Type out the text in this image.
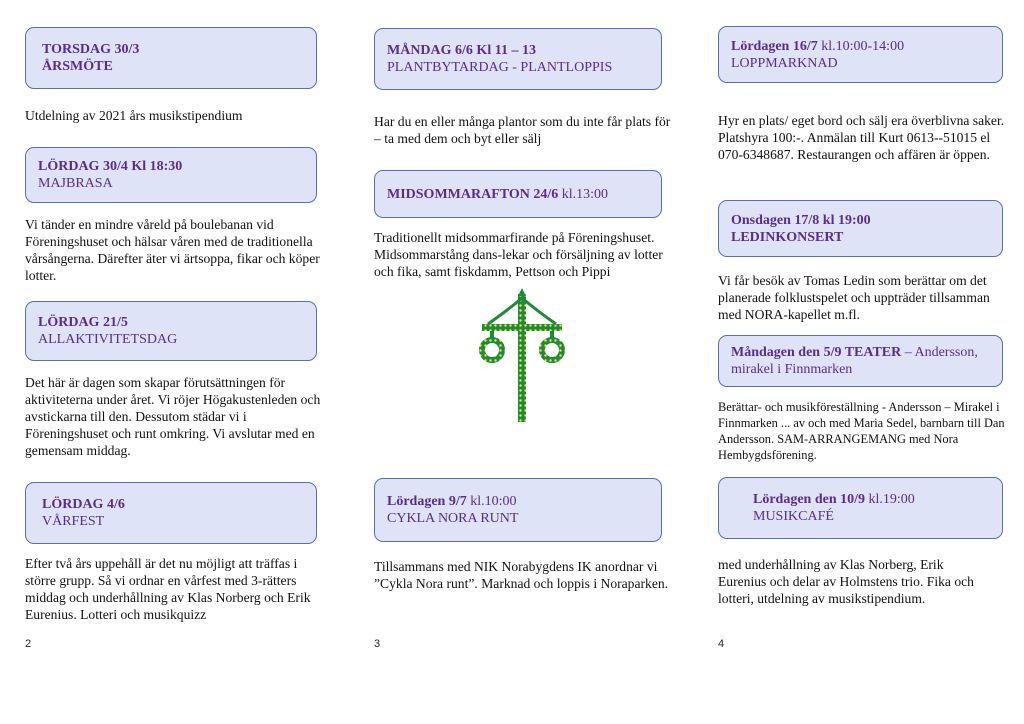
TORSDAG 30/3
ÅRSMÖTE
Utdelning av 2021 års musikstipendium
LÖRDAG 30/4 Kl 18:30
MAJBRASA
Vi tänder en mindre våreld på boulebanan vid Föreningshuset och hälsar våren med de traditionella vårsångerna. Därefter äter vi ärtsoppa, fikar och köper lotter.
LÖRDAG 21/5
ALLAKTIVITETSDAG
Det här är dagen som skapar förutsättningen för aktiviteterna under året. Vi röjer Högakustenleden och avstickarna till den. Dessutom städar vi i Föreningshuset och runt omkring. Vi avslutar med en gemensam middag.
LÖRDAG 4/6
VÅRFEST
Efter två års uppehåll är det nu möjligt att träffas i större grupp. Så vi ordnar en vårfest med 3-rätters middag och underhållning av Klas Norberg och Erik Eurenius. Lotteri och musikquizz
2
MÅNDAG 6/6 Kl 11 – 13
PLANTBYTARDAG - PLANTLOPPIS
Har du en eller många plantor som du inte får plats för – ta med dem och byt eller sälj
MIDSOMMARAFTON 24/6 kl.13:00
Traditionellt midsommarfirande på Föreningshuset. Midsommarstång dans-lekar och försäljning av lotter och fika, samt fiskdamm, Pettson och Pippi
Lördagen 9/7 kl.10:00
CYKLA NORA RUNT
Tillsammans med NIK Norabygdens IK anordnar vi ”Cykla Nora runt”. Marknad och loppis i Noraparken.
3
Lördagen 16/7 kl.10:00-14:00
LOPPMARKNAD
Hyr en plats/ eget bord och sälj era överblivna saker. Platshyra 100:-. Anmälan till Kurt 0613--51015 el 070-6348687. Restaurangen och affären är öppen.
Onsdagen 17/8 kl 19:00
LEDINKONSERT
Vi får besök av Tomas Ledin som berättar om det planerade folklustspelet och uppträder tillsamman med NORA-kapellet m.fl.
Måndagen den 5/9 TEATER – Andersson,
mirakel i Finnmarken
Berättar- och musikföreställning - Andersson – Mirakel i Finnmarken ... av och med Maria Sedel, barnbarn till Dan Andersson. SAM-ARRANGEMANG med Nora Hembygdsförening.
Lördagen den 10/9 kl.19:00
MUSIKCAFÉ
med underhållning av Klas Norberg, Erik Eurenius och delar av Holmstens trio. Fika och lotteri, utdelning av musikstipendium.
4
